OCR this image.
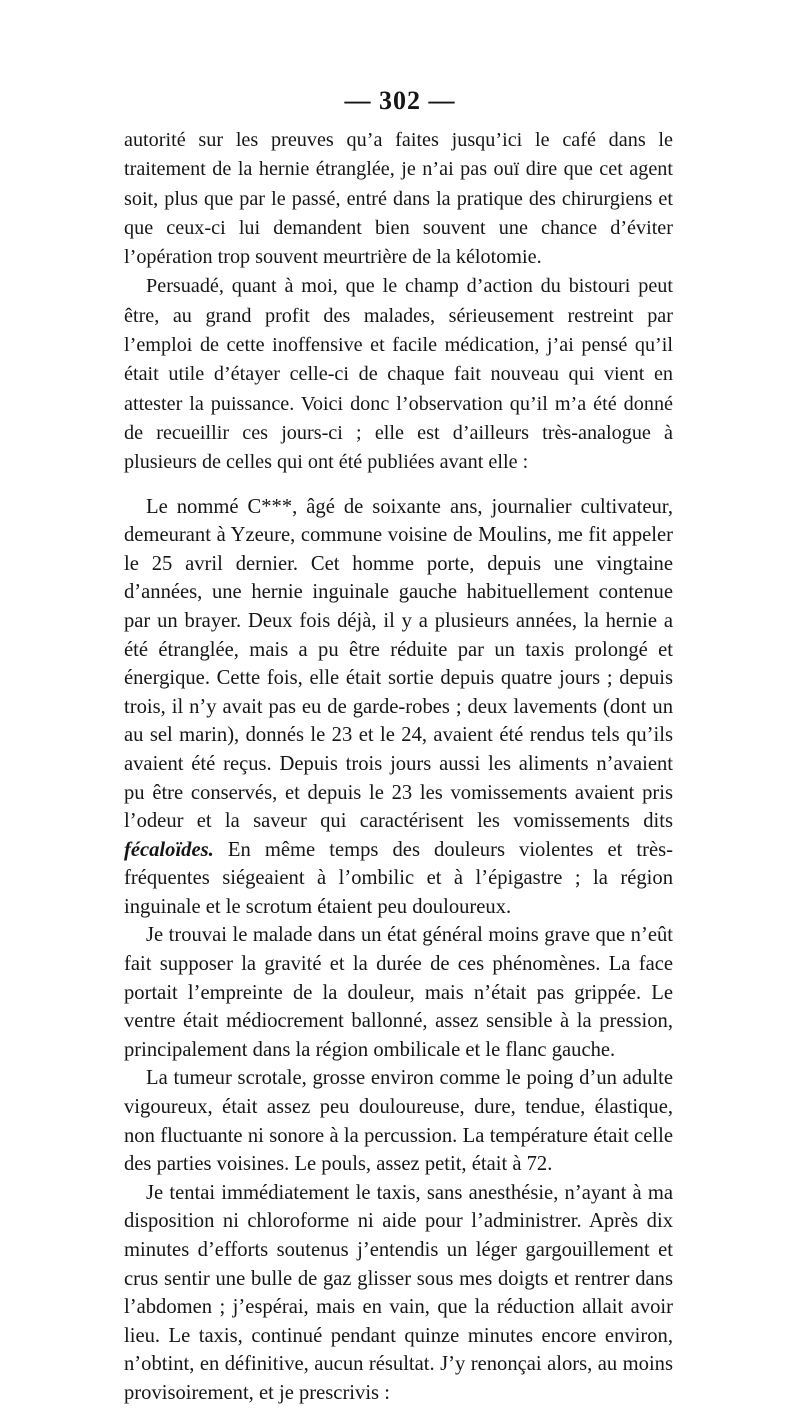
— 302 —

autorité sur les preuves qu’a faites jusqu’ici le café dans le traitement de la hernie étranglée, je n’ai pas ouï dire que cet agent soit, plus que par le passé, entré dans la pratique des chirurgiens et que ceux-ci lui demandent bien souvent une chance d’éviter l’opération trop souvent meurtrière de la kélotomie.

Persuadé, quant à moi, que le champ d’action du bistouri peut être, au grand profit des malades, sérieusement restreint par l’emploi de cette inoffensive et facile médication, j’ai pensé qu’il était utile d’étayer celle-ci de chaque fait nouveau qui vient en attester la puissance. Voici donc l’observation qu’il m’a été donné de recueillir ces jours-ci ; elle est d’ailleurs très-analogue à plusieurs de celles qui ont été publiées avant elle :

Le nommé C***, âgé de soixante ans, journalier cultivateur, demeurant à Yzeure, commune voisine de Moulins, me fit appeler le 25 avril dernier. Cet homme porte, depuis une vingtaine d’années, une hernie inguinale gauche habituellement contenue par un brayer. Deux fois déjà, il y a plusieurs années, la hernie a été étranglée, mais a pu être réduite par un taxis prolongé et énergique. Cette fois, elle était sortie depuis quatre jours ; depuis trois, il n’y avait pas eu de garde-robes ; deux lavements (dont un au sel marin), donnés le 23 et le 24, avaient été rendus tels qu’ils avaient été reçus. Depuis trois jours aussi les aliments n’avaient pu être conservés, et depuis le 23 les vomissements avaient pris l’odeur et la saveur qui caractérisent les vomissements dits fécaloïdes. En même temps des douleurs violentes et très-fréquentes siégeaient à l’ombilic et à l’épigastre ; la région inguinale et le scrotum étaient peu douloureux.

Je trouvai le malade dans un état général moins grave que n’eût fait supposer la gravité et la durée de ces phénomènes. La face portait l’empreinte de la douleur, mais n’était pas grippée. Le ventre était médiocrement ballonné, assez sensible à la pression, principalement dans la région ombilicale et le flanc gauche.

La tumeur scrotale, grosse environ comme le poing d’un adulte vigoureux, était assez peu douloureuse, dure, tendue, élastique, non fluctuante ni sonore à la percussion. La température était celle des parties voisines. Le pouls, assez petit, était à 72.

Je tentai immédiatement le taxis, sans anesthésie, n’ayant à ma disposition ni chloroforme ni aide pour l’administrer. Après dix minutes d’efforts soutenus j’entendis un léger gargouillement et crus sentir une bulle de gaz glisser sous mes doigts et rentrer dans l’abdomen ; j’espérai, mais en vain, que la réduction allait avoir lieu. Le taxis, continué pendant quinze minutes encore environ, n’obtint, en définitive, aucun résultat. J’y renonçai alors, au moins provisoirement, et je prescrivis :
